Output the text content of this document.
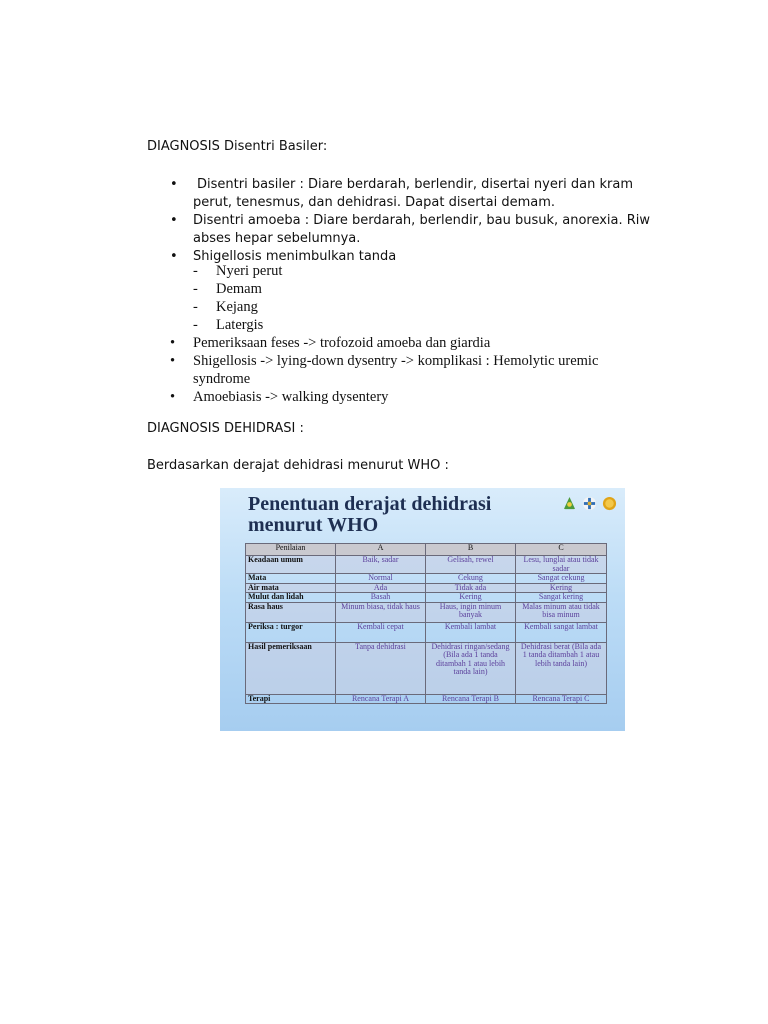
DIAGNOSIS Disentri Basiler:
• Disentri basiler : Diare berdarah, berlendir, disertai nyeri dan kram perut, tenesmus, dan dehidrasi. Dapat disertai demam.
• Disentri amoeba : Diare berdarah, berlendir, bau busuk, anorexia. Riw abses hepar sebelumnya.
• Shigellosis menimbulkan tanda
- Nyeri perut
- Demam
- Kejang
- Latergis
• Pemeriksaan feses -> trofozoid amoeba dan giardia
• Shigellosis -> lying-down dysentry -> komplikasi : Hemolytic uremic syndrome
• Amoebiasis -> walking dysentery
DIAGNOSIS DEHIDRASI :
Berdasarkan derajat dehidrasi menurut WHO :
Penentuan derajat dehidrasi menurut WHO
Penilaian	A	B	C
Keadaan umum	Baik, sadar	Gelisah, rewel	Lesu, lunglai atau tidak sadar
Mata	Normal	Cekung	Sangat cekung
Air mata	Ada	Tidak ada	Kering
Mulut dan lidah	Basah	Kering	Sangat kering
Rasa haus	Minum biasa, tidak haus	Haus, ingin minum banyak	Malas minum atau tidak bisa minum
Periksa : turgor	Kembali cepat	Kembali lambat	Kembali sangat lambat
Hasil pemeriksaan	Tanpa dehidrasi	Dehidrasi ringan/sedang (Bila ada 1 tanda ditambah 1 atau lebih tanda lain)	Dehidrasi berat (Bila ada 1 tanda ditambah 1 atau lebih tanda lain)
Terapi	Rencana Terapi A	Rencana Terapi B	Rencana Terapi C
